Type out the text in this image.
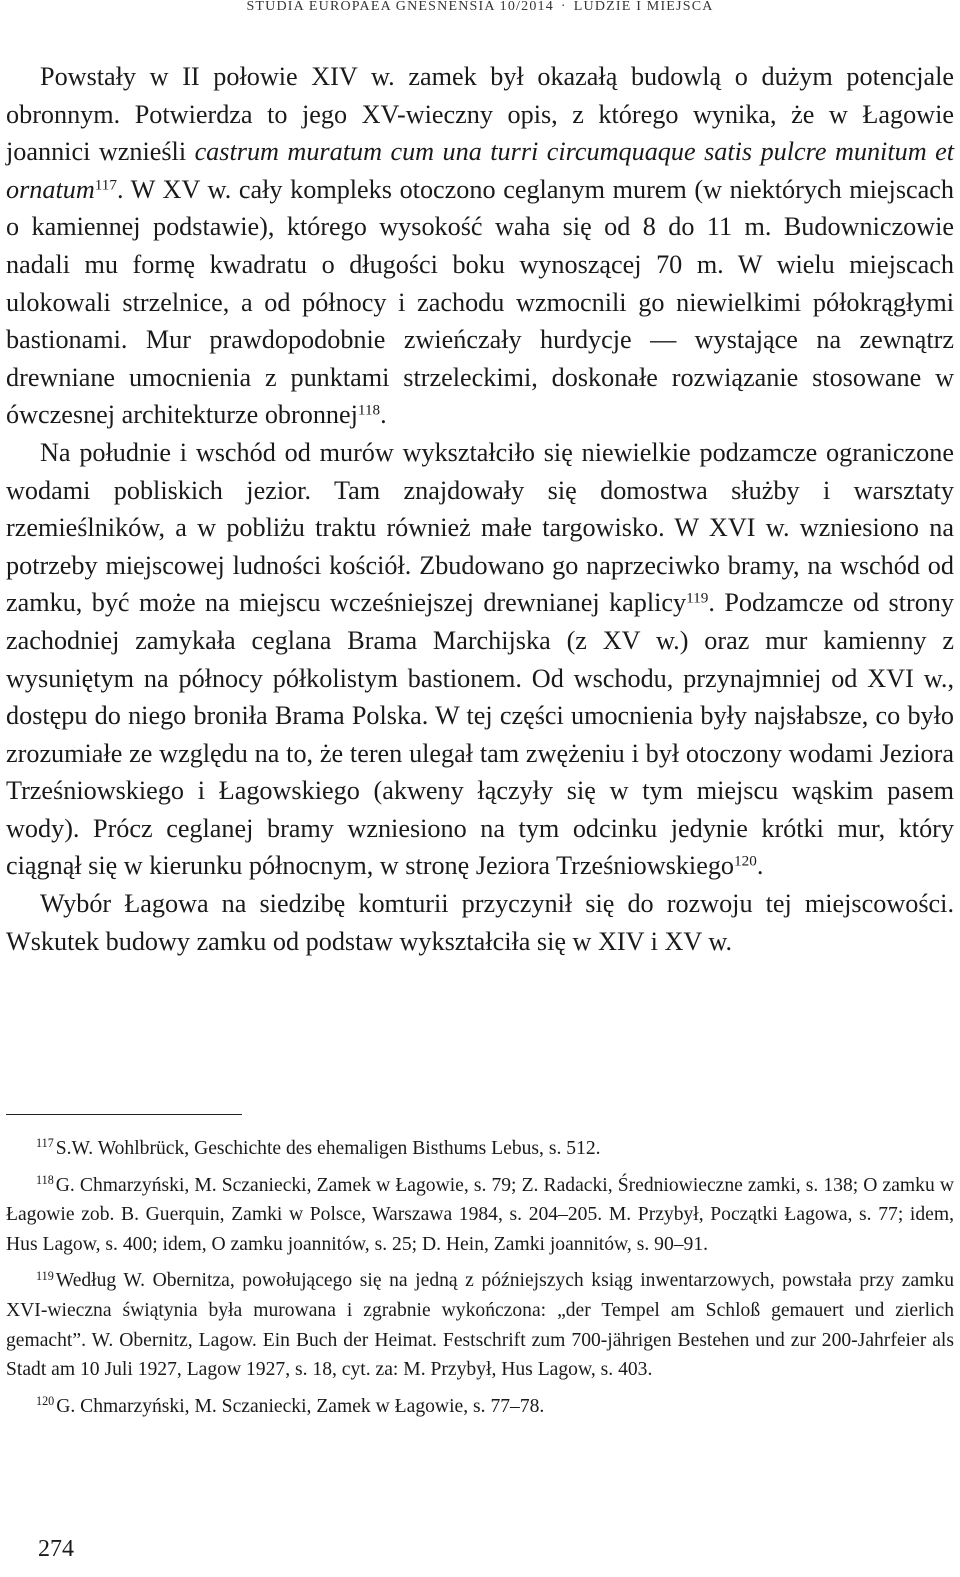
STUDIA EUROPAEA GNESNENSIA 10/2014 · LUDZIE I MIEJSCA

Powstały w II połowie XIV w. zamek był okazałą budowlą o dużym potencjale obronnym. Potwierdza to jego XV-wieczny opis, z którego wynika, że w Łagowie joannici wznieśli castrum muratum cum una turri circumquaque satis pulcre munitum et ornatum$^{117}$. W XV w. cały kompleks otoczono ceglanym murem (w niektórych miejscach o kamiennej podstawie), którego wysokość waha się od 8 do 11 m. Budowniczowie nadali mu formę kwadratu o długości boku wynoszącej 70 m. W wielu miejscach ulokowali strzelnice, a od północy i zachodu wzmocnili go niewielkimi półokrągłymi bastionami. Mur prawdopodobnie zwieńczały hurdycje — wystające na zewnątrz drewniane umocnienia z punktami strzeleckimi, doskonałe rozwiązanie stosowane w ówczesnej architekturze obronnej$^{118}$.

Na południe i wschód od murów wykształciło się niewielkie podzamcze ograniczone wodami pobliskich jezior. Tam znajdowały się domostwa służby i warsztaty rzemieślników, a w pobliżu traktu również małe targowisko. W XVI w. wzniesiono na potrzeby miejscowej ludności kościół. Zbudowano go naprzeciwko bramy, na wschód od zamku, być może na miejscu wcześniejszej drewnianej kaplicy$^{119}$. Podzamcze od strony zachodniej zamykała ceglana Brama Marchijska (z XV w.) oraz mur kamienny z wysuniętym na północy półkolistym bastionem. Od wschodu, przynajmniej od XVI w., dostępu do niego broniła Brama Polska. W tej części umocnienia były najsłabsze, co było zrozumiałe ze względu na to, że teren ulegał tam zwężeniu i był otoczony wodami Jeziora Trześniowskiego i Łagowskiego (akweny łączyły się w tym miejscu wąskim pasem wody). Prócz ceglanej bramy wzniesiono na tym odcinku jedynie krótki mur, który ciągnął się w kierunku północnym, w stronę Jeziora Trześniowskiego$^{120}$.

Wybór Łagowa na siedzibę komturii przyczynił się do rozwoju tej miejscowości. Wskutek budowy zamku od podstaw wykształciła się w XIV i XV w.

$^{117}$ S.W. Wohlbrück, Geschichte des ehemaligen Bisthums Lebus, s. 512.

$^{118}$ G. Chmarzyński, M. Sczaniecki, Zamek w Łagowie, s. 79; Z. Radacki, Średniowieczne zamki, s. 138; O zamku w Łagowie zob. B. Guerquin, Zamki w Polsce, Warszawa 1984, s. 204–205. M. Przybył, Początki Łagowa, s. 77; idem, Hus Lagow, s. 400; idem, O zamku joannitów, s. 25; D. Hein, Zamki joannitów, s. 90–91.

$^{119}$ Według W. Obernitza, powołującego się na jedną z późniejszych ksiąg inwentarzowych, powstała przy zamku XVI-wieczna świątynia była murowana i zgrabnie wykończona: „der Tempel am Schloß gemauert und zierlich gemacht”. W. Obernitz, Lagow. Ein Buch der Heimat. Festschrift zum 700-jährigen Bestehen und zur 200-Jahrfeier als Stadt am 10 Juli 1927, Lagow 1927, s. 18, cyt. za: M. Przybył, Hus Lagow, s. 403.

$^{120}$ G. Chmarzyński, M. Sczaniecki, Zamek w Łagowie, s. 77–78.

274
